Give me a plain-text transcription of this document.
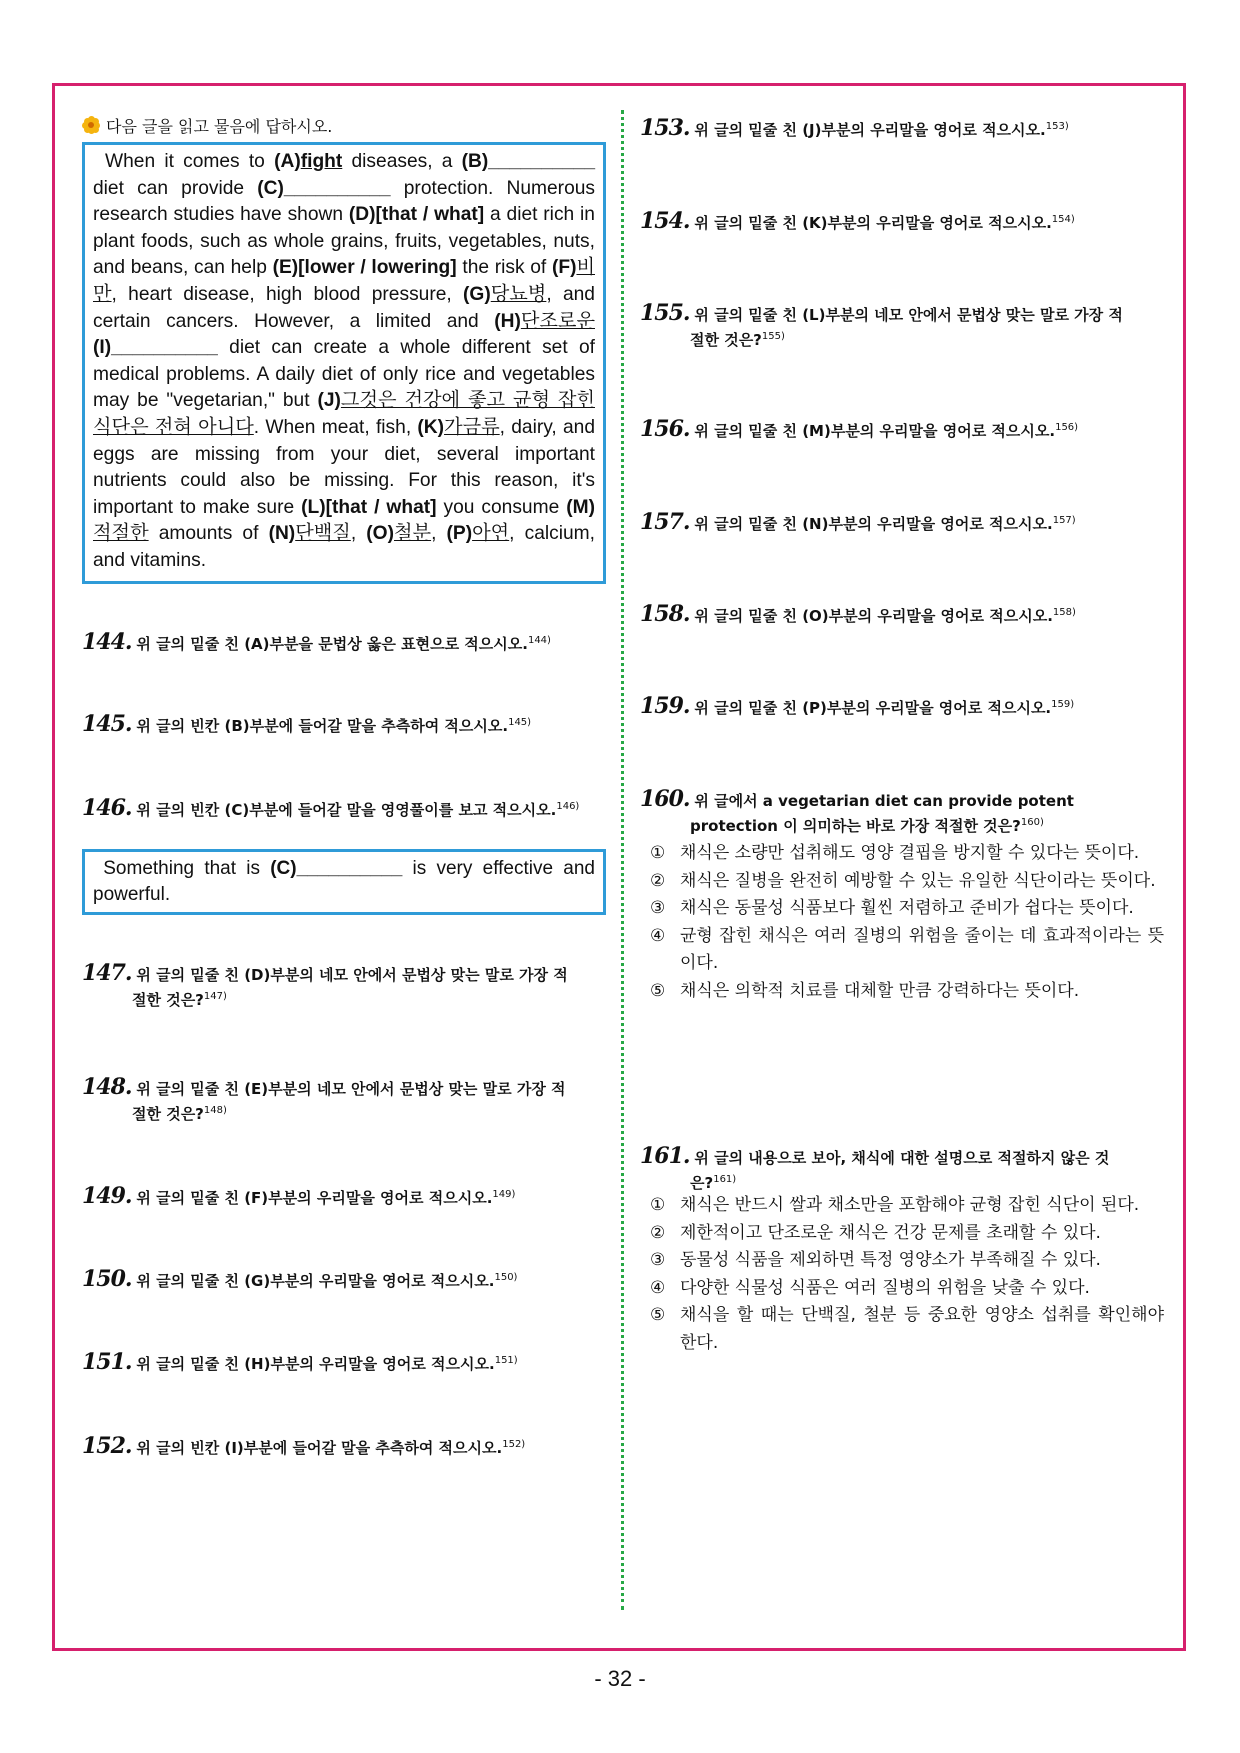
다음 글을 읽고 물음에 답하시오.

When it comes to (A)fight diseases, a (B)__________ diet can provide (C)__________ protection. Numerous research studies have shown (D)[that / what] a diet rich in plant foods, such as whole grains, fruits, vegetables, nuts, and beans, can help (E)[lower / lowering] the risk of (F)비만, heart disease, high blood pressure, (G)당뇨병, and certain cancers. However, a limited and (H)단조로운 (I)__________ diet can create a whole different set of medical problems. A daily diet of only rice and vegetables may be "vegetarian," but (J)그것은 건강에 좋고 균형 잡힌 식단은 전혀 아니다. When meat, fish, (K)가금류, dairy, and eggs are missing from your diet, several important nutrients could also be missing. For this reason, it's important to make sure (L)[that / what] you consume (M)적절한 amounts of (N)단백질, (O)철분, (P)아연, calcium, and vitamins.

144. 위 글의 밑줄 친 (A)부분을 문법상 옳은 표현으로 적으시오.$^{144)}$
145. 위 글의 빈칸 (B)부분에 들어갈 말을 추측하여 적으시오.$^{145)}$
146. 위 글의 빈칸 (C)부분에 들어갈 말을 영영풀이를 보고 적으시오.$^{146)}$
Something that is (C)__________ is very effective and powerful.
147. 위 글의 밑줄 친 (D)부분의 네모 안에서 문법상 맞는 말로 가장 적
절한 것은?$^{147)}$
148. 위 글의 밑줄 친 (E)부분의 네모 안에서 문법상 맞는 말로 가장 적
절한 것은?$^{148)}$
149. 위 글의 밑줄 친 (F)부분의 우리말을 영어로 적으시오.$^{149)}$
150. 위 글의 밑줄 친 (G)부분의 우리말을 영어로 적으시오.$^{150)}$
151. 위 글의 밑줄 친 (H)부분의 우리말을 영어로 적으시오.$^{151)}$
152. 위 글의 빈칸 (I)부분에 들어갈 말을 추측하여 적으시오.$^{152)}$
153. 위 글의 밑줄 친 (J)부분의 우리말을 영어로 적으시오.$^{153)}$
154. 위 글의 밑줄 친 (K)부분의 우리말을 영어로 적으시오.$^{154)}$
155. 위 글의 밑줄 친 (L)부분의 네모 안에서 문법상 맞는 말로 가장 적
절한 것은?$^{155)}$
156. 위 글의 밑줄 친 (M)부분의 우리말을 영어로 적으시오.$^{156)}$
157. 위 글의 밑줄 친 (N)부분의 우리말을 영어로 적으시오.$^{157)}$
158. 위 글의 밑줄 친 (O)부분의 우리말을 영어로 적으시오.$^{158)}$
159. 위 글의 밑줄 친 (P)부분의 우리말을 영어로 적으시오.$^{159)}$
160. 위 글에서 a vegetarian diet can provide potent
protection 이 의미하는 바로 가장 적절한 것은?$^{160)}$
① 채식은 소량만 섭취해도 영양 결핍을 방지할 수 있다는 뜻이다.
② 채식은 질병을 완전히 예방할 수 있는 유일한 식단이라는 뜻이다.
③ 채식은 동물성 식품보다 훨씬 저렴하고 준비가 쉽다는 뜻이다.
④ 균형 잡힌 채식은 여러 질병의 위험을 줄이는 데 효과적이라는 뜻이다.
⑤ 채식은 의학적 치료를 대체할 만큼 강력하다는 뜻이다.
161. 위 글의 내용으로 보아, 채식에 대한 설명으로 적절하지 않은 것
은?$^{161)}$
① 채식은 반드시 쌀과 채소만을 포함해야 균형 잡힌 식단이 된다.
② 제한적이고 단조로운 채식은 건강 문제를 초래할 수 있다.
③ 동물성 식품을 제외하면 특정 영양소가 부족해질 수 있다.
④ 다양한 식물성 식품은 여러 질병의 위험을 낮출 수 있다.
⑤ 채식을 할 때는 단백질, 철분 등 중요한 영양소 섭취를 확인해야 한다.
- 32 -
